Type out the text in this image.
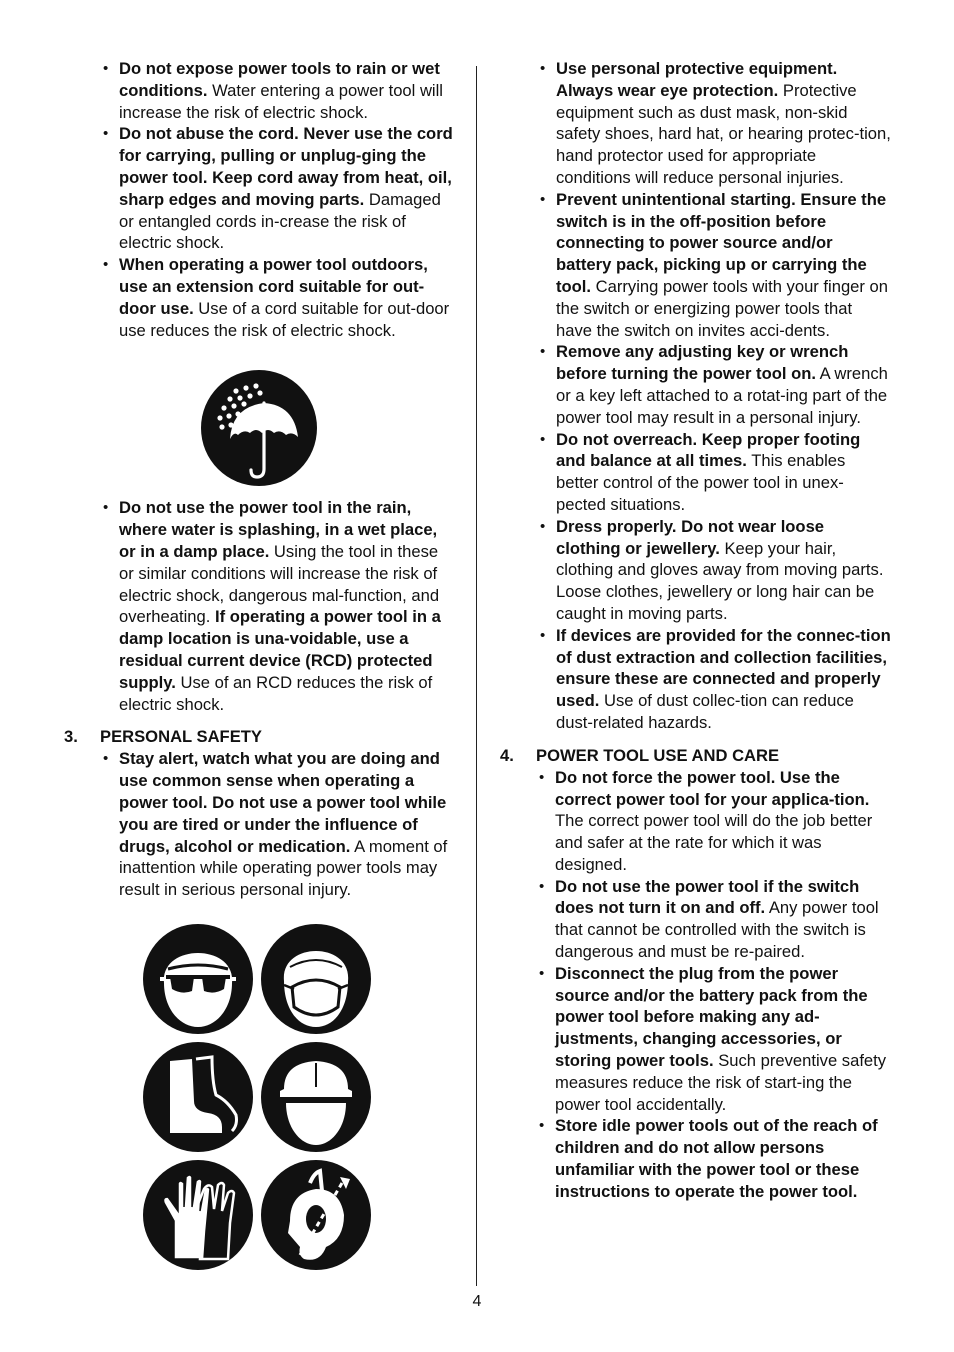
• Do not expose power tools to rain or wet conditions. Water entering a power tool will increase the risk of electric shock.
• Do not abuse the cord. Never use the cord for carrying, pulling or unplug-ging the power tool. Keep cord away from heat, oil, sharp edges and moving parts. Damaged or entangled cords in-crease the risk of electric shock.
• When operating a power tool outdoors, use an extension cord suitable for out-door use. Use of a cord suitable for out-door use reduces the risk of electric shock.
• Do not use the power tool in the rain, where water is splashing, in a wet place, or in a damp place. Using the tool in these or similar conditions will increase the risk of electric shock, dangerous mal-function, and overheating. If operating a power tool in a damp location is una-voidable, use a residual current device (RCD) protected supply. Use of an RCD reduces the risk of electric shock.
3. PERSONAL SAFETY
• Stay alert, watch what you are doing and use common sense when operating a power tool. Do not use a power tool while you are tired or under the influence of drugs, alcohol or medication. A moment of inattention while operating power tools may result in serious personal injury.
• Use personal protective equipment. Always wear eye protection. Protective equipment such as dust mask, non-skid safety shoes, hard hat, or hearing protec-tion, hand protector used for appropriate conditions will reduce personal injuries.
• Prevent unintentional starting. Ensure the switch is in the off-position before connecting to power source and/or battery pack, picking up or carrying the tool. Carrying power tools with your finger on the switch or energizing power tools that have the switch on invites acci-dents.
• Remove any adjusting key or wrench before turning the power tool on. A wrench or a key left attached to a rotat-ing part of the power tool may result in a personal injury.
• Do not overreach. Keep proper footing and balance at all times. This enables better control of the power tool in unex-pected situations.
• Dress properly. Do not wear loose clothing or jewellery. Keep your hair, clothing and gloves away from moving parts. Loose clothes, jewellery or long hair can be caught in moving parts.
• If devices are provided for the connec-tion of dust extraction and collection facilities, ensure these are connected and properly used. Use of dust collec-tion can reduce dust-related hazards.
4. POWER TOOL USE AND CARE
• Do not force the power tool. Use the correct power tool for your applica-tion. The correct power tool will do the job better and safer at the rate for which it was designed.
• Do not use the power tool if the switch does not turn it on and off. Any power tool that cannot be controlled with the switch is dangerous and must be re-paired.
• Disconnect the plug from the power source and/or the battery pack from the power tool before making any ad-justments, changing accessories, or storing power tools. Such preventive safety measures reduce the risk of start-ing the power tool accidentally.
• Store idle power tools out of the reach of children and do not allow persons unfamiliar with the power tool or these instructions to operate the power tool.
4
